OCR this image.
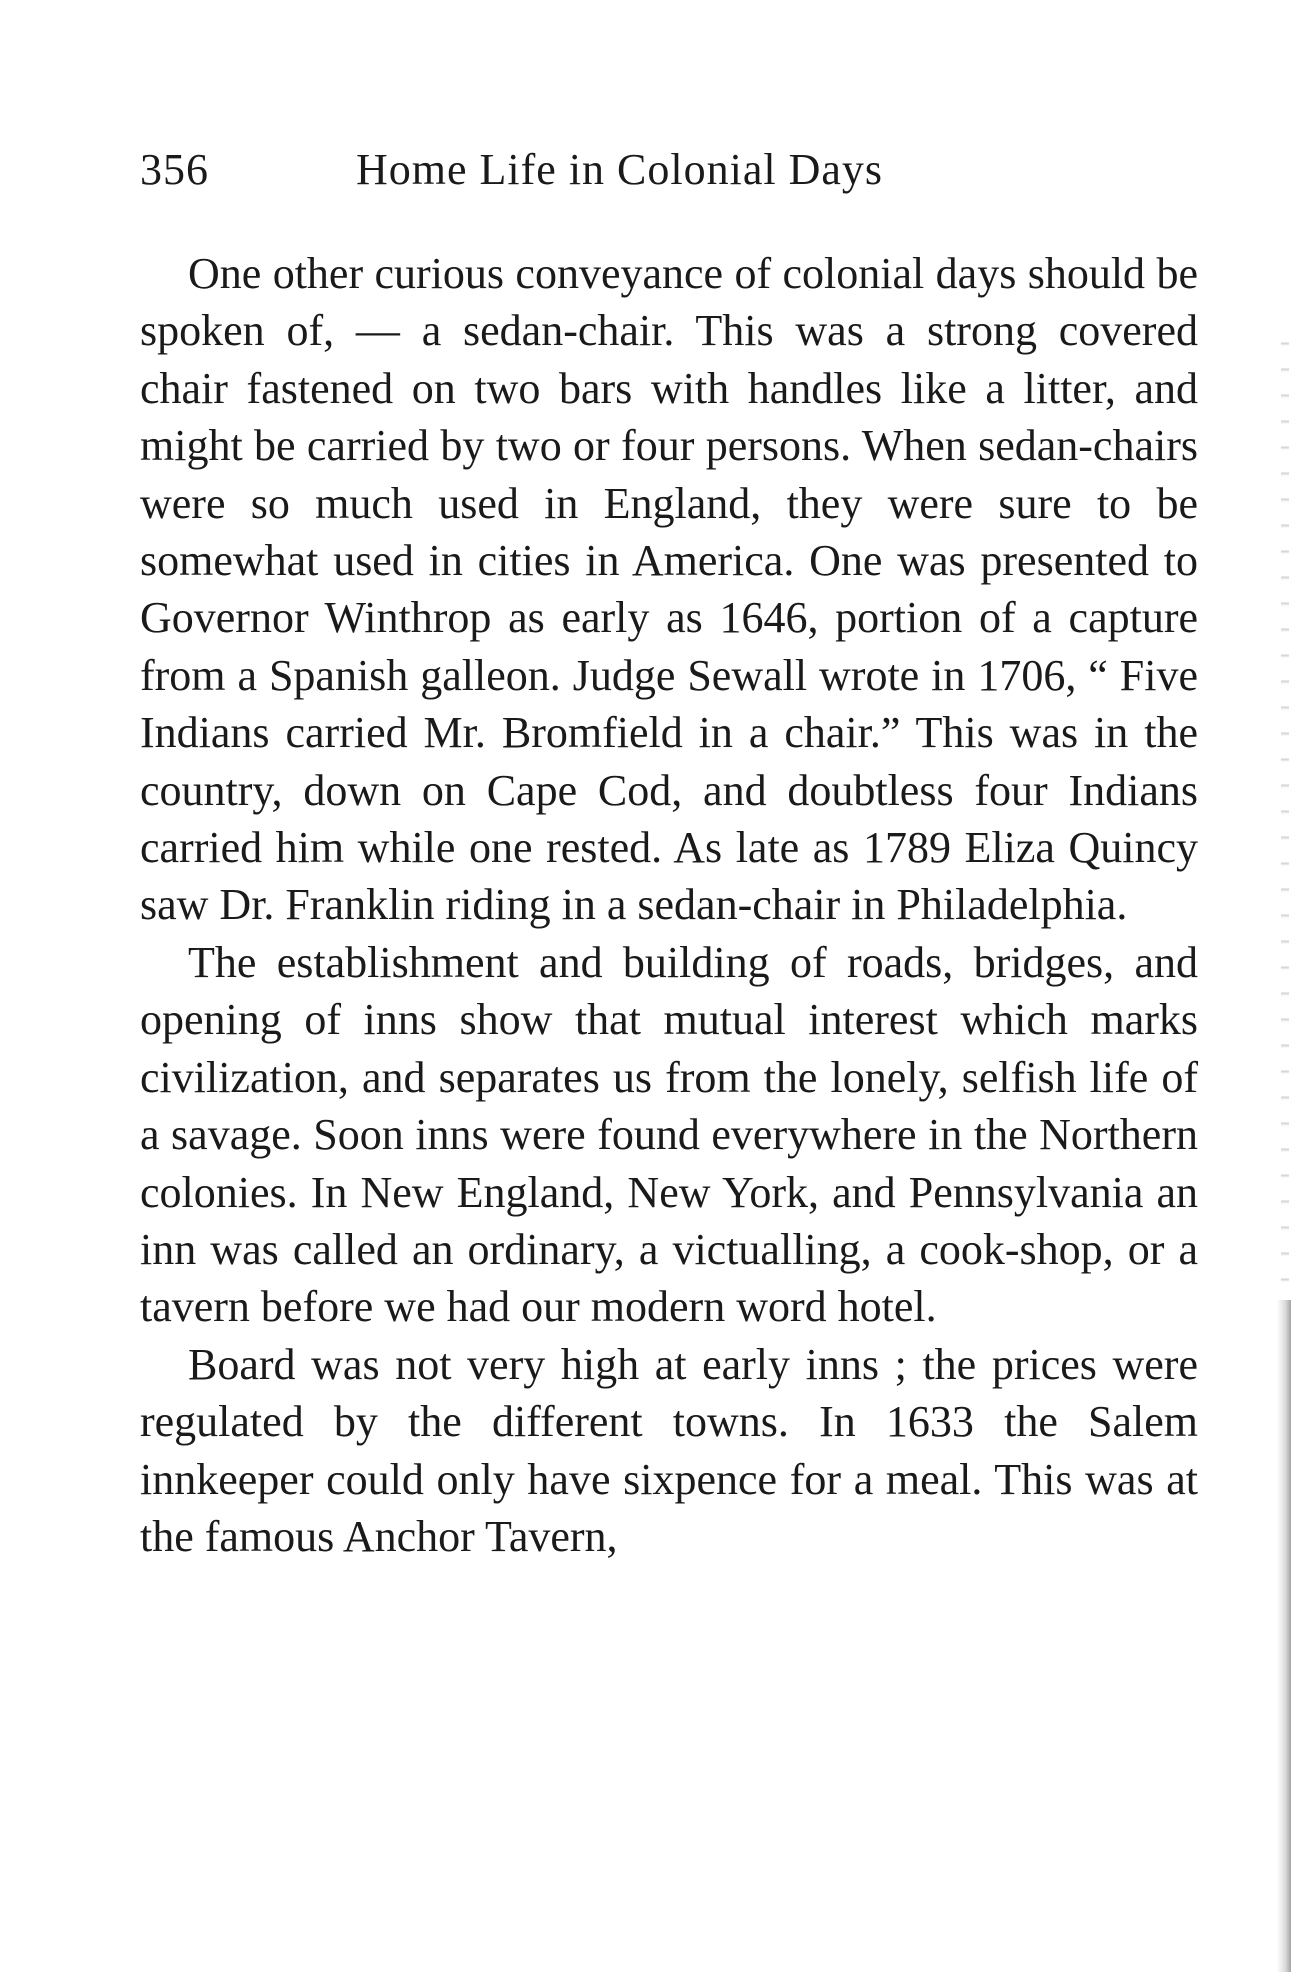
356	Home Life in Colonial Days

One other curious conveyance of colonial days should be spoken of, — a sedan-chair. This was a strong covered chair fastened on two bars with handles like a litter, and might be carried by two or four persons. When sedan-chairs were so much used in England, they were sure to be somewhat used in cities in America. One was presented to Governor Winthrop as early as 1646, portion of a capture from a Spanish galleon. Judge Sewall wrote in 1706, “ Five Indians carried Mr. Bromfield in a chair.” This was in the country, down on Cape Cod, and doubtless four Indians carried him while one rested. As late as 1789 Eliza Quincy saw Dr. Franklin riding in a sedan-chair in Philadelphia.

The establishment and building of roads, bridges, and opening of inns show that mutual interest which marks civilization, and separates us from the lonely, selfish life of a savage. Soon inns were found everywhere in the Northern colonies. In New England, New York, and Pennsylvania an inn was called an ordinary, a victualling, a cook-shop, or a tavern before we had our modern word hotel.

Board was not very high at early inns ; the prices were regulated by the different towns. In 1633 the Salem innkeeper could only have sixpence for a meal. This was at the famous Anchor Tavern,
